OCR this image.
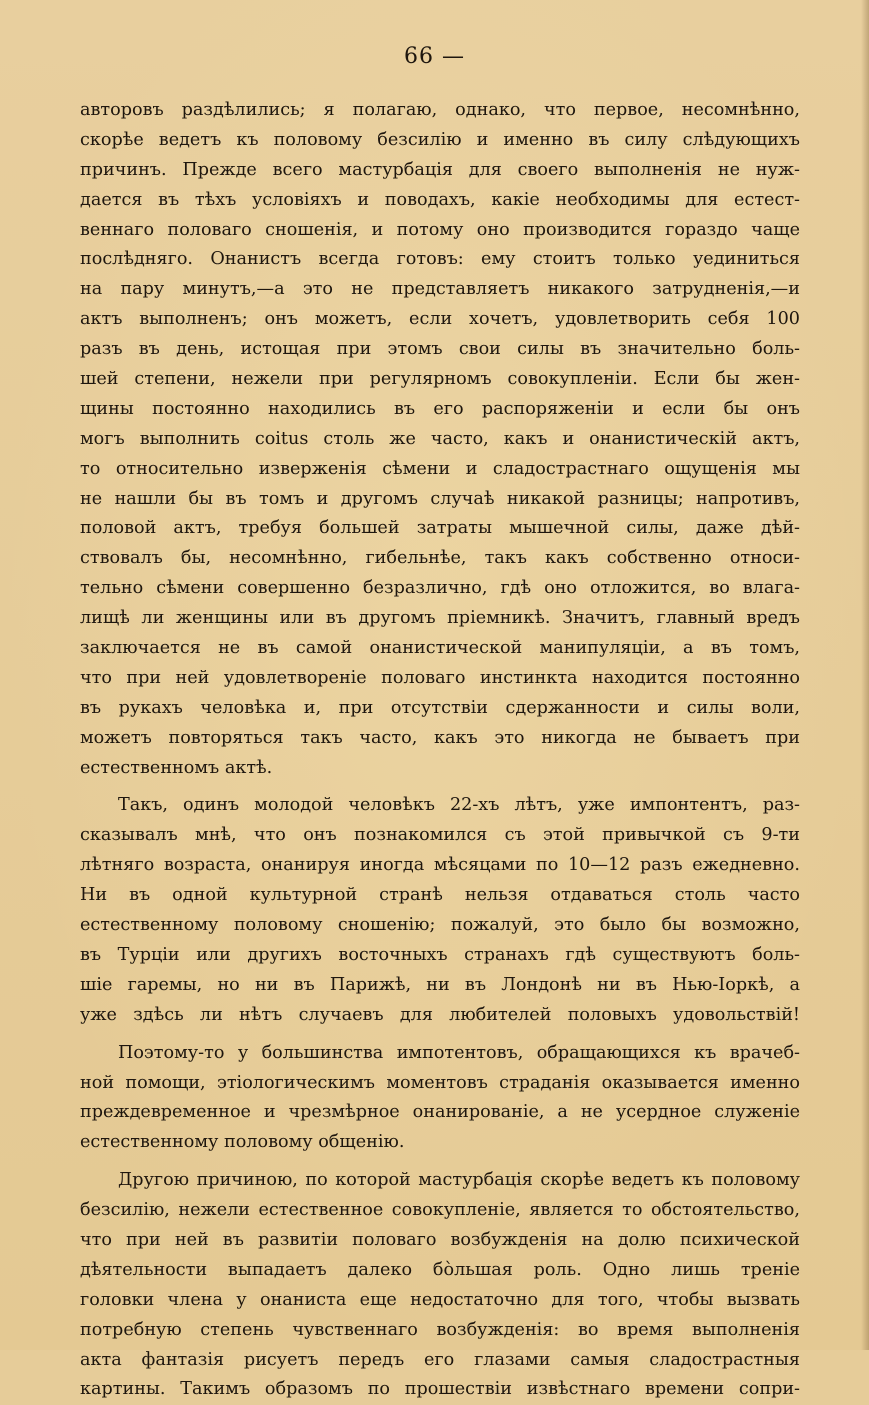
66 —
авторовъ раздѣлились; я полагаю, однако, что первое, несомнѣнно,
скорѣе ведетъ къ половому безсилію и именно въ силу слѣдующихъ
причинъ. Прежде всего мастурбація для своего выполненія не нуж-
дается въ тѣхъ условіяхъ и поводахъ, какіе необходимы для естест-
веннаго половаго сношенія, и потому оно производится гораздо чаще
послѣдняго. Онанистъ всегда готовъ: ему стоитъ только уединиться
на пару минутъ,—а это не представляетъ никакого затрудненія,—и
актъ выполненъ; онъ можетъ, если хочетъ, удовлетворить себя 100
разъ въ день, истощая при этомъ свои силы въ значительно боль-
шей степени, нежели при регулярномъ совокупленіи. Если бы жен-
щины постоянно находились въ его распоряженіи и если бы онъ
могъ выполнить coitus столь же часто, какъ и онанистическій актъ,
то относительно изверженія сѣмени и сладострастнаго ощущенія мы
не нашли бы въ томъ и другомъ случаѣ никакой разницы; напротивъ,
половой актъ, требуя большей затраты мышечной силы, даже дѣй-
ствовалъ бы, несомнѣнно, гибельнѣе, такъ какъ собственно относи-
тельно сѣмени совершенно безразлично, гдѣ оно отложится, во влага-
лищѣ ли женщины или въ другомъ пріемникѣ. Значитъ, главный вредъ
заключается не въ самой онанистической манипуляціи, а въ томъ,
что при ней удовлетвореніе половаго инстинкта находится постоянно
въ рукахъ человѣка и, при отсутствіи сдержанности и силы воли,
можетъ повторяться такъ часто, какъ это никогда не бываетъ при
естественномъ актѣ.
Такъ, одинъ молодой человѣкъ 22-хъ лѣтъ, уже импонтентъ, раз-
сказывалъ мнѣ, что онъ познакомился съ этой привычкой съ 9-ти
лѣтняго возраста, онанируя иногда мѣсяцами по 10—12 разъ ежедневно.
Ни въ одной культурной странѣ нельзя отдаваться столь часто
естественному половому сношенію; пожалуй, это было бы возможно,
въ Турціи или другихъ восточныхъ странахъ гдѣ существуютъ боль-
шіе гаремы, но ни въ Парижѣ, ни въ Лондонѣ ни въ Нью-Іоркѣ, а
уже здѣсь ли нѣтъ случаевъ для любителей половыхъ удовольствій!
Поэтому-то у большинства импотентовъ, обращающихся къ врачеб-
ной помощи, этіологическимъ моментовъ страданія оказывается именно
преждевременное и чрезмѣрное онанированіе, а не усердное служеніе
естественному половому общенію.
Другою причиною, по которой мастурбація скорѣе ведетъ къ половому
безсилію, нежели естественное совокупленіе, является то обстоятельство,
что при ней въ развитіи половаго возбужденія на долю психической
дѣятельности выпадаетъ далеко бо̀льшая роль. Одно лишь треніе
головки члена у онаниста еще недостаточно для того, чтобы вызвать
потребную степень чувственнаго возбужденія: во время выполненія
акта фантазія рисуетъ передъ его глазами самыя сладострастныя
картины. Такимъ образомъ по прошествіи извѣстнаго времени сопри-
